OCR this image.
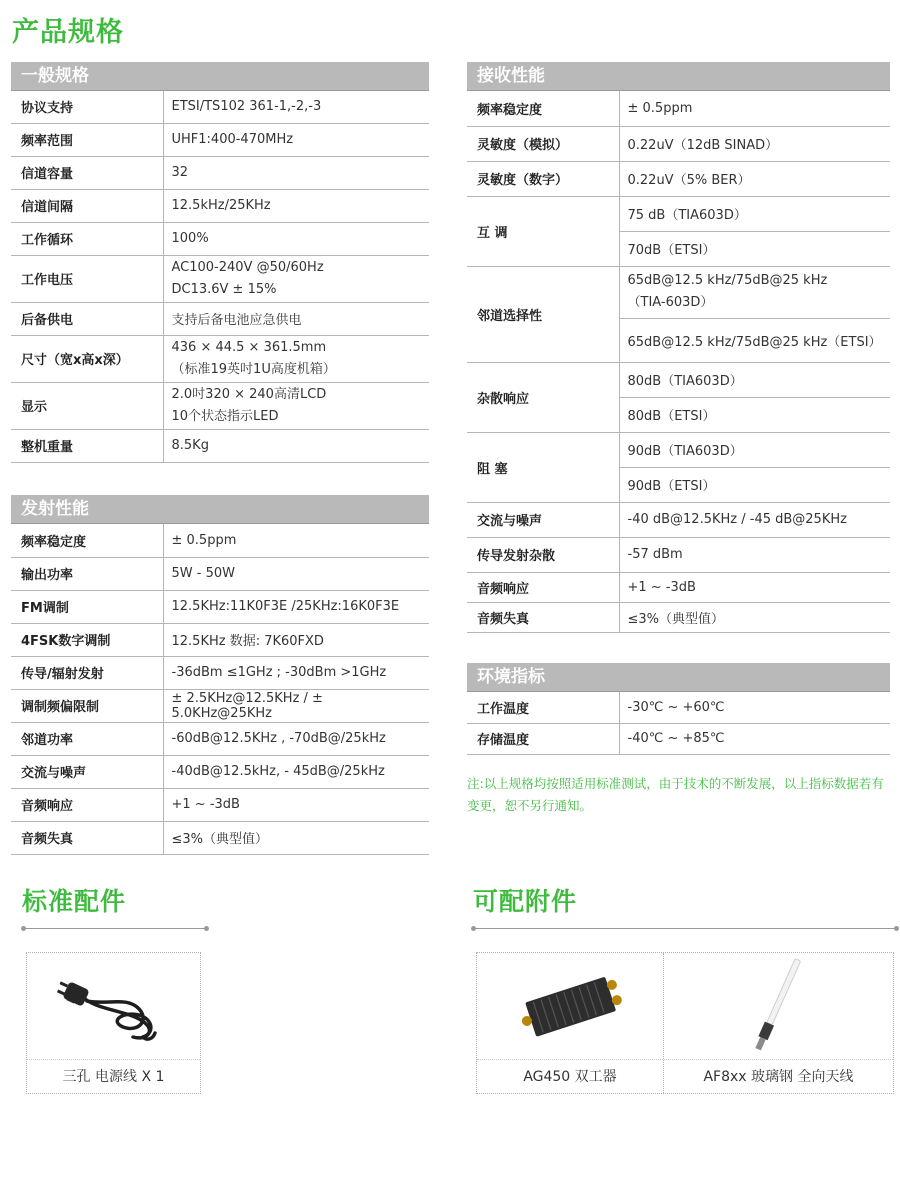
产品规格
一般规格
协议支持	ETSI/TS102 361-1,-2,-3

频率范围	UHF1:400-470MHz

信道容量	32

信道间隔	12.5kHz/25KHz

工作循环	100%

工作电压	AC100-240V @50/60Hz
DC13.6V ± 15%

后备供电	支持后备电池应急供电

尺寸（宽x高x深）	436 × 44.5 × 361.5mm
（标准19英吋1U高度机箱）

显示	2.0吋320 × 240高清LCD
10个状态指示LED

整机重量	8.5Kg
发射性能
频率稳定度	± 0.5ppm

输出功率	5W - 50W

FM调制	12.5KHz:11K0F3E /25KHz:16K0F3E

4FSK数字调制	12.5KHz 数据: 7K60FXD

传导/辐射发射	-36dBm ≤1GHz ; -30dBm >1GHz

调制频偏限制	± 2.5KHz@12.5KHz / ± 5.0KHz@25KHz

邻道功率	-60dB@12.5KHz , -70dB@/25kHz

交流与噪声	-40dB@12.5kHz, - 45dB@/25kHz

音频响应	+1 ~ -3dB

音频失真	≤3%（典型值）
接收性能
频率稳定度	± 0.5ppm

灵敏度（模拟）	0.22uV（12dB SINAD）

灵敏度（数字）	0.22uV（5% BER）

互 调	75 dB（TIA603D）

	70dB（ETSI）

邻道选择性	65dB@12.5 kHz/75dB@25 kHz
（TIA-603D）

	65dB@12.5 kHz/75dB@25 kHz（ETSI）

杂散响应	80dB（TIA603D）

	80dB（ETSI）

阻 塞	90dB（TIA603D）

	90dB（ETSI）

交流与噪声	-40 dB@12.5KHz / -45 dB@25KHz

传导发射杂散	-57 dBm

音频响应	+1 ~ -3dB

音频失真	≤3%（典型值）
环境指标
工作温度	-30℃ ~ +60℃

存储温度	-40℃ ~ +85℃
注:以上规格均按照适用标准测试，由于技术的不断发展，以上指标数据若有变更，恕不另行通知。
标准配件
三孔 电源线 X 1
可配附件
AG450 双工器	AF8xx 玻璃钢 全向天线
